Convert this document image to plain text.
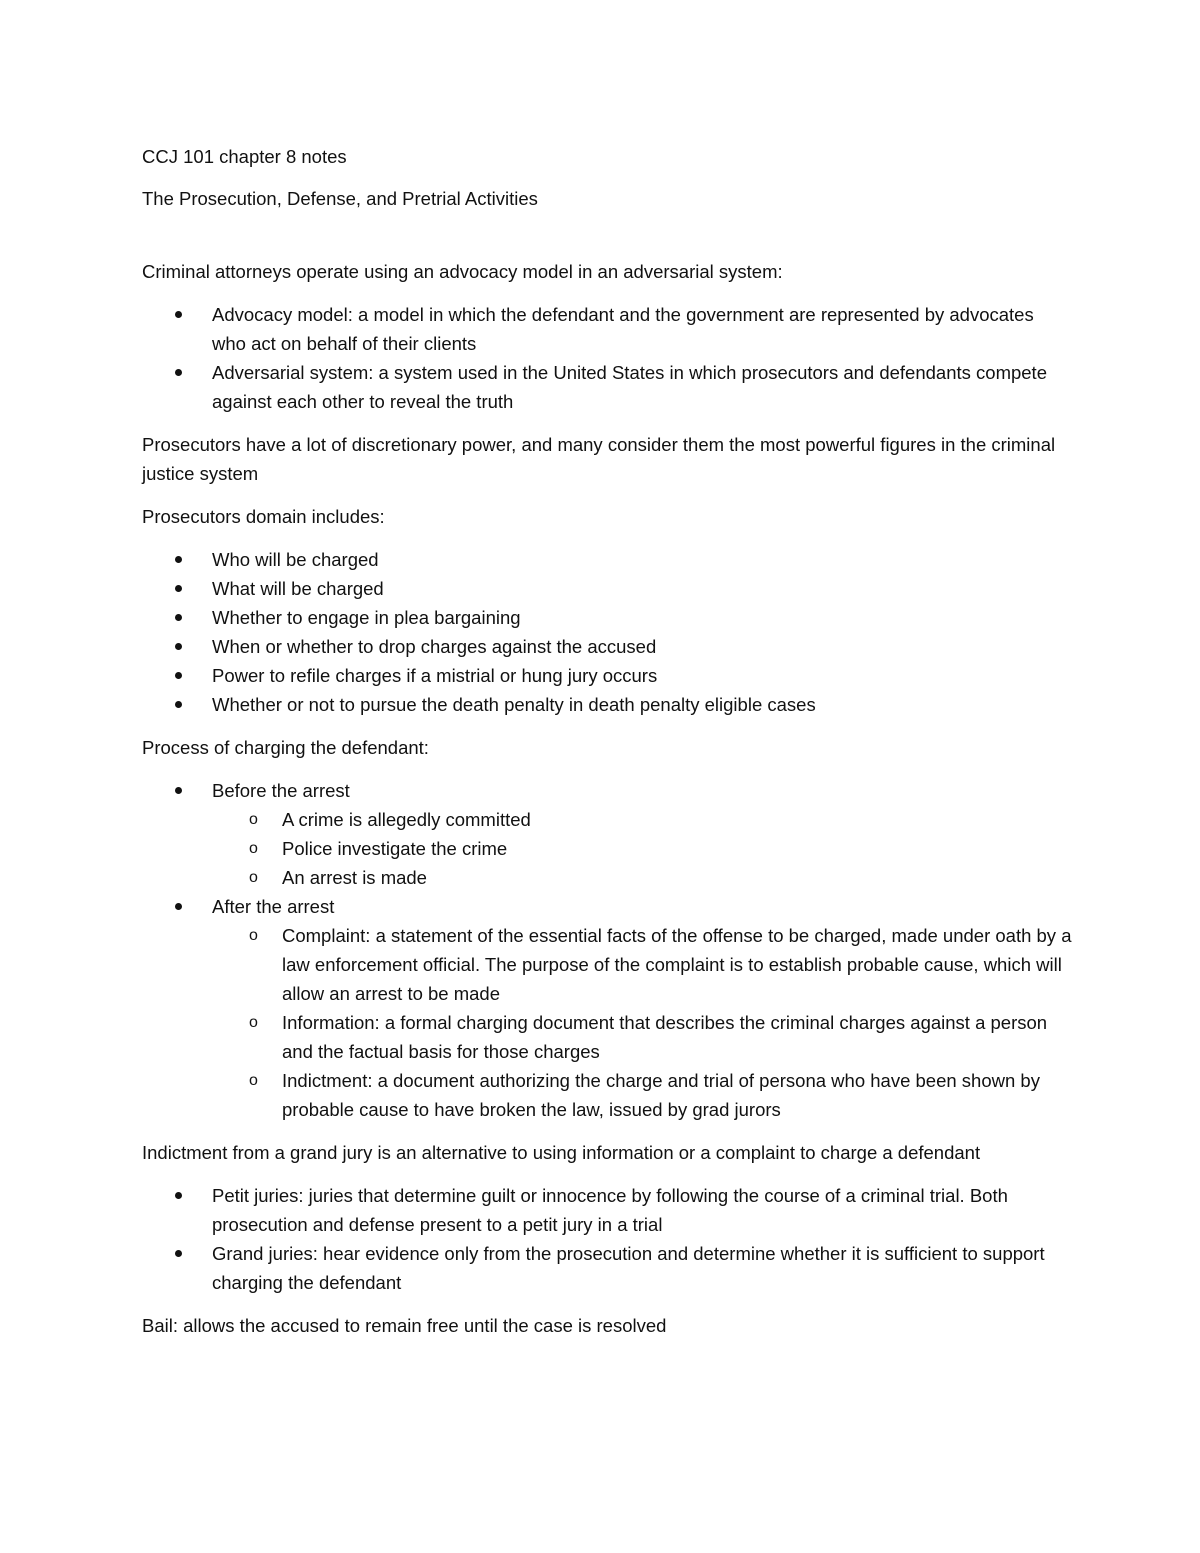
CCJ 101 chapter 8 notes

The Prosecution, Defense, and Pretrial Activities

Criminal attorneys operate using an advocacy model in an adversarial system:

Advocacy model: a model in which the defendant and the government are represented by advocates who act on behalf of their clients
Adversarial system: a system used in the United States in which prosecutors and defendants compete against each other to reveal the truth

Prosecutors have a lot of discretionary power, and many consider them the most powerful figures in the criminal justice system

Prosecutors domain includes:

Who will be charged
What will be charged
Whether to engage in plea bargaining
When or whether to drop charges against the accused
Power to refile charges if a mistrial or hung jury occurs
Whether or not to pursue the death penalty in death penalty eligible cases

Process of charging the defendant:

Before the arrest
o A crime is allegedly committed
o Police investigate the crime
o An arrest is made
After the arrest
o Complaint: a statement of the essential facts of the offense to be charged, made under oath by a law enforcement official. The purpose of the complaint is to establish probable cause, which will allow an arrest to be made
o Information: a formal charging document that describes the criminal charges against a person and the factual basis for those charges
o Indictment: a document authorizing the charge and trial of persona who have been shown by probable cause to have broken the law, issued by grad jurors

Indictment from a grand jury is an alternative to using information or a complaint to charge a defendant

Petit juries: juries that determine guilt or innocence by following the course of a criminal trial. Both prosecution and defense present to a petit jury in a trial
Grand juries: hear evidence only from the prosecution and determine whether it is sufficient to support charging the defendant

Bail: allows the accused to remain free until the case is resolved
